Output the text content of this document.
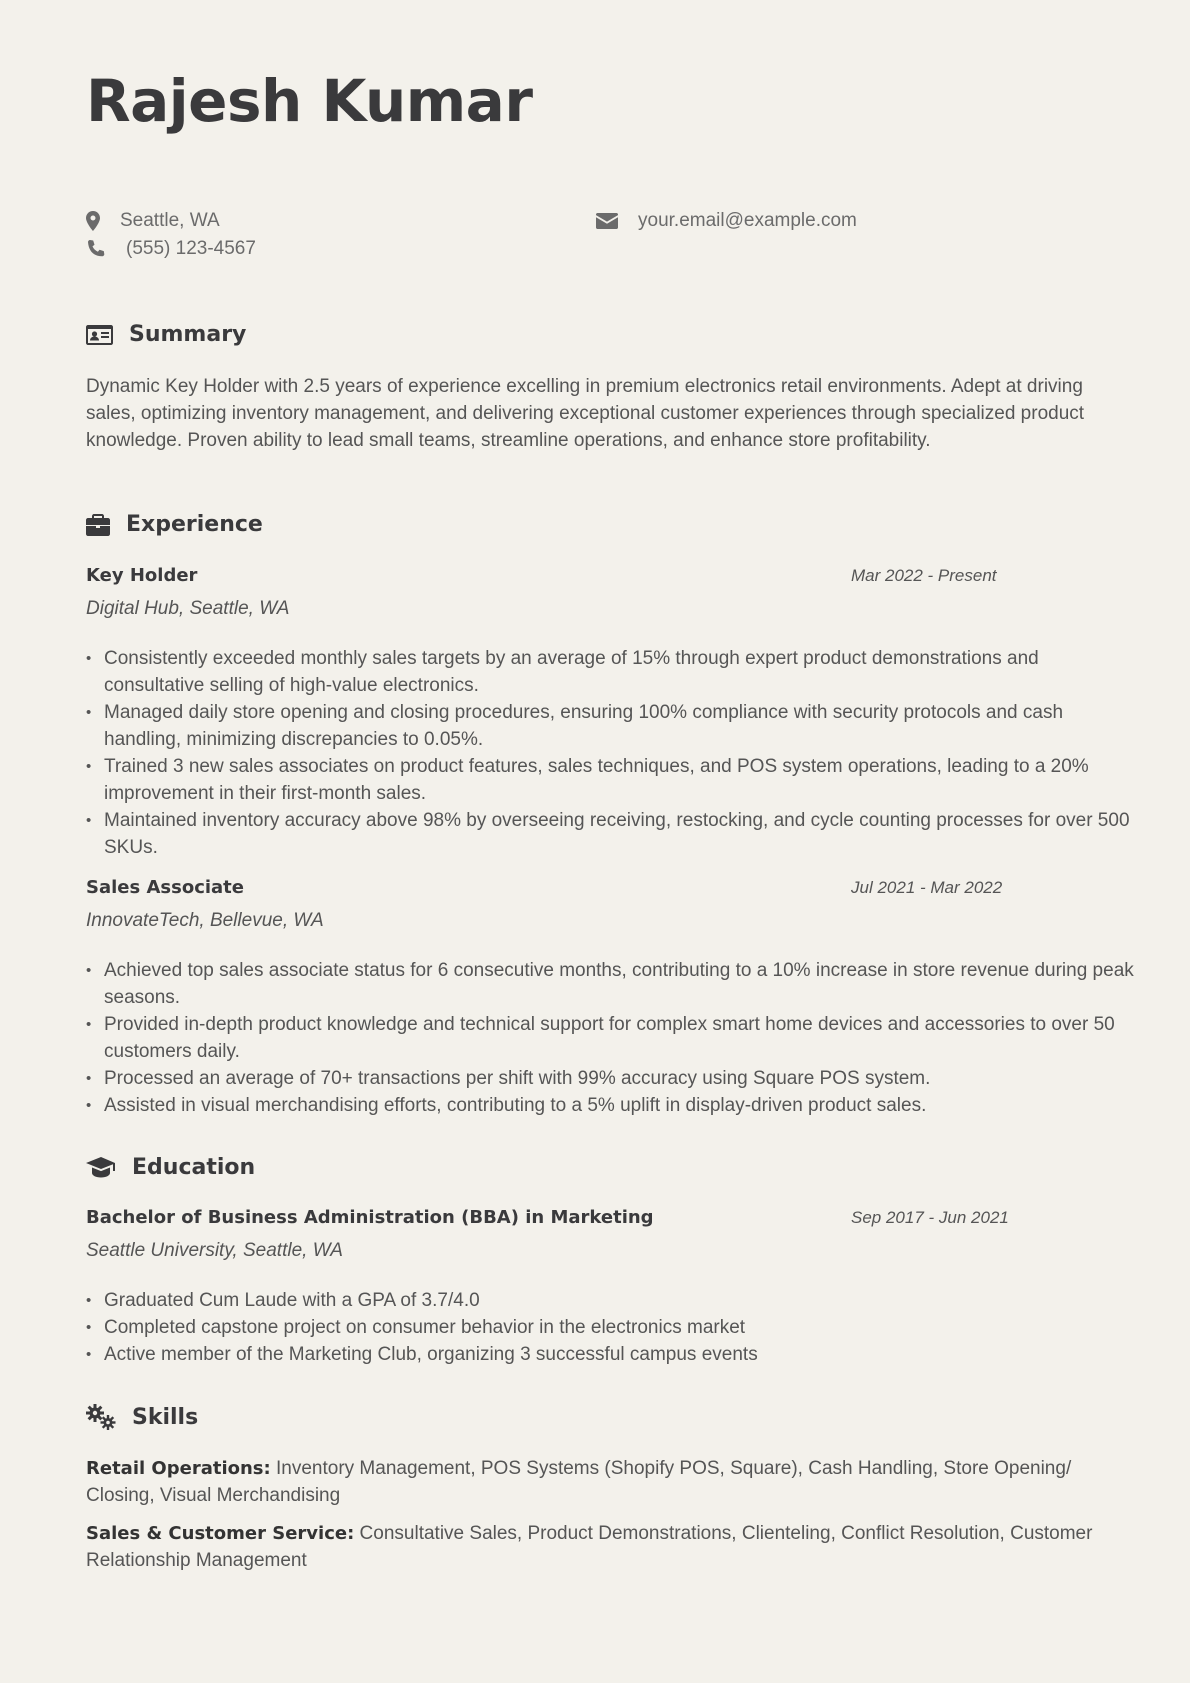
Rajesh Kumar
Seattle, WA
(555) 123-4567
your.email@example.com
Summary

Dynamic Key Holder with 2.5 years of experience excelling in premium electronics retail environments. Adept at driving sales, optimizing inventory management, and delivering exceptional customer experiences through specialized product knowledge. Proven ability to lead small teams, streamline operations, and enhance store profitability.

Experience
Key Holder	Mar 2022 - Present
Digital Hub, Seattle, WA
• Consistently exceeded monthly sales targets by an average of 15% through expert product demonstrations and consultative selling of high-value electronics.
• Managed daily store opening and closing procedures, ensuring 100% compliance with security protocols and cash handling, minimizing discrepancies to 0.05%.
• Trained 3 new sales associates on product features, sales techniques, and POS system operations, leading to a 20% improvement in their first-month sales.
• Maintained inventory accuracy above 98% by overseeing receiving, restocking, and cycle counting processes for over 500 SKUs.
Sales Associate	Jul 2021 - Mar 2022
InnovateTech, Bellevue, WA
• Achieved top sales associate status for 6 consecutive months, contributing to a 10% increase in store revenue during peak seasons.
• Provided in-depth product knowledge and technical support for complex smart home devices and accessories to over 50 customers daily.
• Processed an average of 70+ transactions per shift with 99% accuracy using Square POS system.
• Assisted in visual merchandising efforts, contributing to a 5% uplift in display-driven product sales.
Education
Bachelor of Business Administration (BBA) in Marketing	Sep 2017 - Jun 2021
Seattle University, Seattle, WA
• Graduated Cum Laude with a GPA of 3.7/4.0
• Completed capstone project on consumer behavior in the electronics market
• Active member of the Marketing Club, organizing 3 successful campus events
Skills

Retail Operations: Inventory Management, POS Systems (Shopify POS, Square), Cash Handling, Store Opening/ Closing, Visual Merchandising

Sales & Customer Service: Consultative Sales, Product Demonstrations, Clienteling, Conflict Resolution, Customer Relationship Management
